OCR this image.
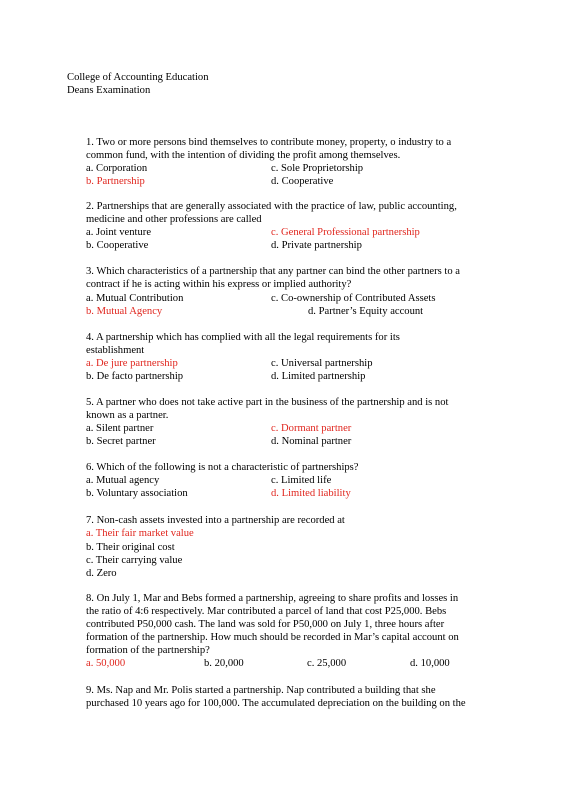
College of Accounting Education
Deans Examination
1. Two or more persons bind themselves to contribute money, property, o industry to a
common fund, with the intention of dividing the profit among themselves.
a. Corporation	c. Sole Proprietorship
b. Partnership	d. Cooperative
2. Partnerships that are generally associated with the practice of law, public accounting,
medicine and other professions are called
a. Joint venture	c. General Professional partnership
b. Cooperative	d. Private partnership
3. Which characteristics of a partnership that any partner can bind the other partners to a
contract if he is acting within his express or implied authority?
a. Mutual Contribution	c. Co-ownership of Contributed Assets
b. Mutual Agency	d. Partner’s Equity account
4. A partnership which has complied with all the legal requirements for its
establishment
a. De jure partnership	c. Universal partnership
b. De facto partnership	d. Limited partnership
5. A partner who does not take active part in the business of the partnership and is not
known as a partner.
a. Silent partner	c. Dormant partner
b. Secret partner	d. Nominal partner
6. Which of the following is not a characteristic of partnerships?
a. Mutual agency	c. Limited life
b. Voluntary association	d. Limited liability
7. Non-cash assets invested into a partnership are recorded at
a. Their fair market value
b. Their original cost
c. Their carrying value
d. Zero
8. On July 1, Mar and Bebs formed a partnership, agreeing to share profits and losses in
the ratio of 4:6 respectively. Mar contributed a parcel of land that cost P25,000. Bebs
contributed P50,000 cash. The land was sold for P50,000 on July 1, three hours after
formation of the partnership. How much should be recorded in Mar’s capital account on
formation of the partnership?
a. 50,000	b. 20,000	c. 25,000	d. 10,000
9. Ms. Nap and Mr. Polis started a partnership. Nap contributed a building that she
purchased 10 years ago for 100,000. The accumulated depreciation on the building on the
